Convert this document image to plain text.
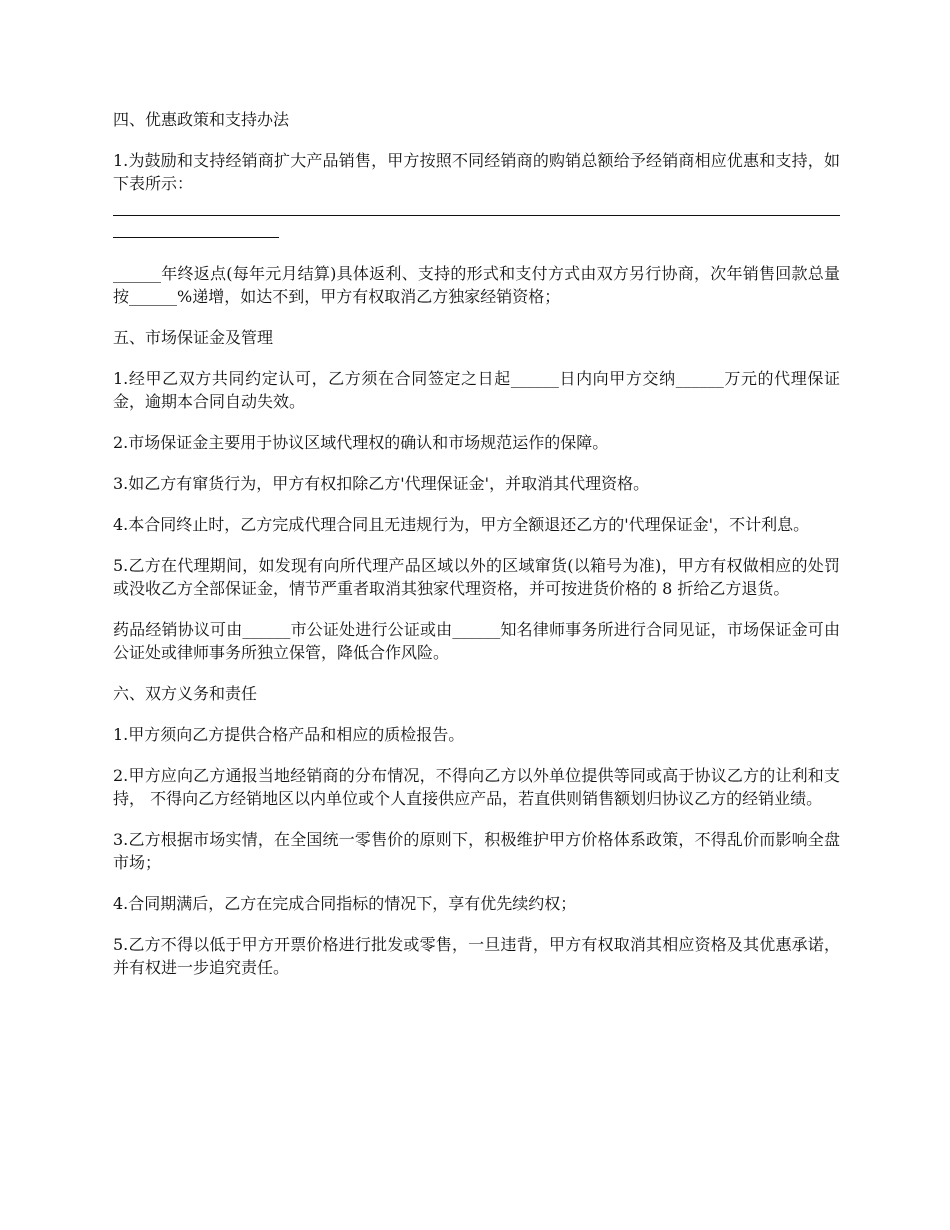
四、优惠政策和支持办法

1.为鼓励和支持经销商扩大产品销售，甲方按照不同经销商的购销总额给予经销商相应优惠和支持，如下表所示：

______年终返点(每年元月结算)具体返利、支持的形式和支付方式由双方另行协商，次年销售回款总量按______%递增，如达不到，甲方有权取消乙方独家经销资格；

五、市场保证金及管理

1.经甲乙双方共同约定认可，乙方须在合同签定之日起______日内向甲方交纳______万元的代理保证金，逾期本合同自动失效。

2.市场保证金主要用于协议区域代理权的确认和市场规范运作的保障。

3.如乙方有窜货行为，甲方有权扣除乙方'代理保证金'，并取消其代理资格。

4.本合同终止时，乙方完成代理合同且无违规行为，甲方全额退还乙方的'代理保证金'，不计利息。

5.乙方在代理期间，如发现有向所代理产品区域以外的区域窜货(以箱号为准)，甲方有权做相应的处罚或没收乙方全部保证金，情节严重者取消其独家代理资格，并可按进货价格的 8 折给乙方退货。

药品经销协议可由______市公证处进行公证或由______知名律师事务所进行合同见证，市场保证金可由公证处或律师事务所独立保管，降低合作风险。

六、双方义务和责任

1.甲方须向乙方提供合格产品和相应的质检报告。

2.甲方应向乙方通报当地经销商的分布情况，不得向乙方以外单位提供等同或高于协议乙方的让利和支持， 不得向乙方经销地区以内单位或个人直接供应产品，若直供则销售额划归协议乙方的经销业绩。

3.乙方根据市场实情，在全国统一零售价的原则下，积极维护甲方价格体系政策，不得乱价而影响全盘市场；

4.合同期满后，乙方在完成合同指标的情况下，享有优先续约权；

5.乙方不得以低于甲方开票价格进行批发或零售，一旦违背，甲方有权取消其相应资格及其优惠承诺，并有权进一步追究责任。
